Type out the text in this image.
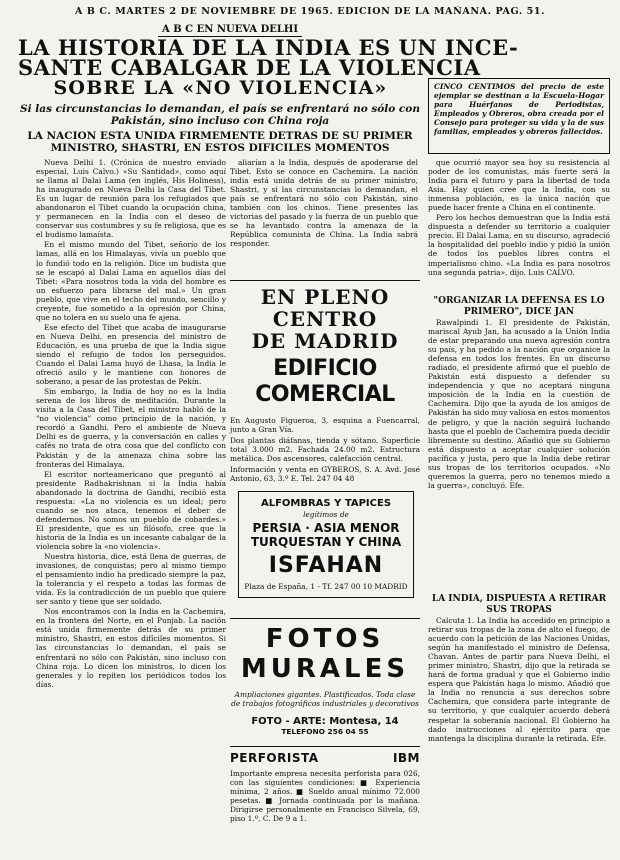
A B C. MARTES 2 DE NOVIEMBRE DE 1965. EDICION DE LA MAÑANA. PAG. 51.
A B C EN NUEVA DELHI
LA HISTORIA DE LA INDIA ES UN INCE-
SANTE CABALGAR DE LA VIOLENCIA
SOBRE LA «NO VIOLENCIA»
Si las circunstancias lo demandan, el país se enfrentará no sólo con Pakistán, sino incluso con China roja
LA NACION ESTA UNIDA FIRMEMENTE DETRAS DE SU PRIMER MINISTRO, SHASTRI, EN ESTOS DIFICILES MOMENTOS
CINCO CENTIMOS del precio de este ejemplar se destinan a la Escuela-Hogar para Huérfanos de Periodistas, Empleados y Obreros, obra creada por el Consejo para proteger su vida y la de sus familias, empleados y obreros fallecidos.

Nueva Delhi 1. (Crónica de nuestro enviado especial, Luis Calvo.) «Su Santidad», como aquí se llama al Dalai Lama (en inglés, His Holiness), ha inaugurado en Nueva Delhi la Casa del Tibet. Es un lugar de reunión para los refugiados que abandonaron el Tibet cuando la ocupación china, y permanecen en la India con el deseo de conservar sus costumbres y su fe religiosa, que es el budismo lamaísta.

En el mismo mundo del Tibet, señorío de los lamas, allá en los Himalayas, vivía un pueblo que lo fundió todo en la religión. Dice un budista que se le escapó al Dalai Lama en aquellos días del Tibet: «Para nosotros toda la vida del hombre es un esfuerzo para librarse del mal.» Un gran pueblo, que vive en el techo del mundo, sencillo y creyente, fue sometido a la opresión por China, que no tolera en su suelo una fe ajena.

Ese efecto del Tibet que acaba de inaugurarse en Nueva Delhi, en presencia del ministro de Educación, es una prueba de que la India sigue siendo el refugio de todos los perseguidos. Cuando el Dalai Lama huyó de Lhasa, la India le ofreció asilo y le mantiene con honores de soberano, a pesar de las protestas de Pekín.

Sin embargo, la India de hoy no es la India serena de los libros de meditación. Durante la visita a la Casa del Tibet, el ministro habló de la "no violencia" como principio de la nación, y recordó a Gandhi. Pero el ambiente de Nueva Delhi es de guerra, y la conversación en calles y cafés no trata de otra cosa que del conflicto con Pakistán y de la amenaza china sobre las fronteras del Himalaya.

El escritor norteamericano que preguntó al presidente Radhakrishnan si la India había abandonado la doctrina de Gandhi, recibió esta respuesta: «La no violencia es un ideal; pero cuando se nos ataca, tenemos el deber de defendernos. No somos un pueblo de cobardes.» El presidente, que es un filósofo, cree que la historia de la India es un incesante cabalgar de la violencia sobre la «no violencia».

Nuestra historia, dice, está llena de guerras, de invasiones, de conquistas; pero al mismo tiempo el pensamiento indio ha predicado siempre la paz, la tolerancia y el respeto a todas las formas de vida. Es la contradicción de un pueblo que quiere ser santo y tiene que ser soldado.

Nos encontramos con la India en la Cachemira, en la frontera del Norte, en el Punjab. La nación está unida firmemente detrás de su primer ministro, Shastri, en estos difíciles momentos. Si las circunstancias lo demandan, el país se enfrentará no sólo con Pakistán, sino incluso con China roja. Lo dicen los ministros, lo dicen los generales y lo repiten los periódicos todos los días.

aliarían a la India, después de apoderarse del Tibet. Esto se conoce en Cachemira. La nación india está unida detrás de su primer ministro, Shastri, y si las circunstancias lo demandan, el país se enfrentará no sólo con Pakistán, sino también con los chinos. Tiene presentes las victorias del pasado y la fuerza de un pueblo que se ha levantado contra la amenaza de la República comunista de China. La India sabrá responder.

que ocurrió mayor sea hoy su resistencia al poder de los comunistas, más fuerte será la India para el futuro y para la libertad de toda Asia. Hay quien cree que la India, con su inmensa población, es la única nación que puede hacer frente a China en el continente.

Pero los hechos demuestran que la India está dispuesta a defender su territorio a cualquier precio. El Dalai Lama, en su discurso, agradeció la hospitalidad del pueblo indio y pidió la unión de todos los pueblos libres contra el imperialismo chino. «La India es para nosotros una segunda patria», dijo. Luis CALVO.

"ORGANIZAR LA DEFENSA ES LO PRIMERO", DICE JAN

Rawalpindi 1. El presidente de Pakistán, mariscal Ayub Jan, ha acusado a la Unión India de estar preparando una nueva agresión contra su país, y ha pedido a la nación que organice la defensa en todos los frentes. En un discurso radiado, el presidente afirmó que el pueblo de Pakistán está dispuesto a defender su independencia y que no aceptará ninguna imposición de la India en la cuestión de Cachemira. Dijo que la ayuda de los amigos de Pakistán ha sido muy valiosa en estos momentos de peligro, y que la nación seguirá luchando hasta que el pueblo de Cachemira pueda decidir libremente su destino. Añadió que su Gobierno está dispuesto a aceptar cualquier solución pacífica y justa, pero que la India debe retirar sus tropas de los territorios ocupados. «No queremos la guerra, pero no tenemos miedo a la guerra», concluyó. Efe.

LA INDIA, DISPUESTA A RETIRAR SUS TROPAS

Calcuta 1. La India ha accedido en principio a retirar sus tropas de la zona de alto el fuego, de acuerdo con la petición de las Naciones Unidas, según ha manifestado el ministro de Defensa, Chavan. Antes de partir para Nueva Delhi, el primer ministro, Shastri, dijo que la retirada se hará de forma gradual y que el Gobierno indio espera que Pakistán haga lo mismo. Añadió que la India no renuncia a sus derechos sobre Cachemira, que considera parte integrante de su territorio, y que cualquier acuerdo deberá respetar la soberanía nacional. El Gobierno ha dado instrucciones al ejército para que mantenga la disciplina durante la retirada. Efe.

EN PLENO CENTRO
DE MADRID
EDIFICIO COMERCIAL

En Augusto Figueroa, 3, esquina a Fuencarral, junto a Gran Vía.

Dos plantas diáfanas, tienda y sótano. Superficie total 3.000 m2. Fachada 24.00 m2. Estructura metálica. Dos ascensores, calefacción central.

Información y venta en GYBEROS, S. A. Avd. José Antonio, 63, 3.º E. Tel. 247 04 48

ALFOMBRAS Y TAPICES
legítimos de
PERSIA · ASIA MENOR
TURQUESTAN Y CHINA
ISFAHAN
Plaza de España, 1 - Tf. 247 00 10 MADRID
FOTOS
MURALES
Ampliaciones gigantes. Plastificados. Toda clase de trabajos fotográficos industriales y decorativos
FOTO - ARTE: Montesa, 14
TELEFONO 256 04 55
PERFORISTA	IBM
Importante empresa necesita perforista para 026, con las siguientes condiciones: ■ Experiencia mínima, 2 años. ■ Sueldo anual mínimo 72.000 pesetas. ■ Jornada continuada por la mañana. Dirigirse personalmente en Francisco Silvela, 69, piso 1.º, C. De 9 a 1.
